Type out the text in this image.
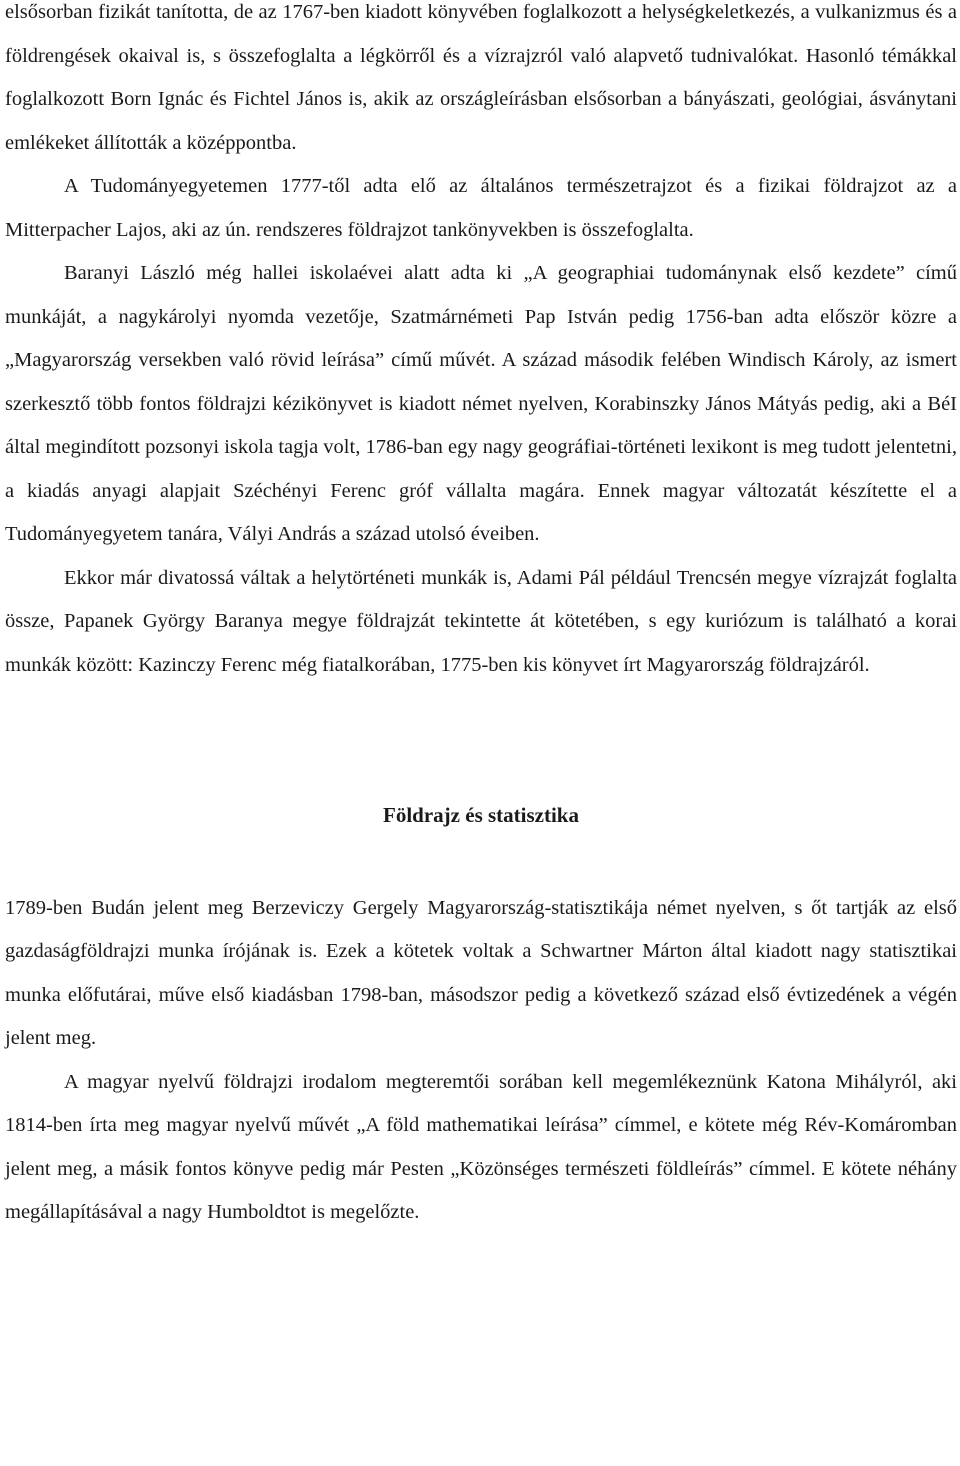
elsősorban fizikát tanította, de az 1767-ben kiadott könyvében foglalkozott a helységkeletkezés, a vulkanizmus és a földrengések okaival is, s összefoglalta a légkörről és a vízrajzról való alapvető tudnivalókat. Hasonló témákkal foglalkozott Born Ignác és Fichtel János is, akik az országleírásban elsősorban a bányászati, geológiai, ásványtani emlékeket állították a középpontba.

A Tudományegyetemen 1777-től adta elő az általános természetrajzot és a fizikai földrajzot az a Mitterpacher Lajos, aki az ún. rendszeres földrajzot tankönyvekben is összefoglalta.

Baranyi László még hallei iskolaévei alatt adta ki „A geographiai tudománynak első kezdete” című munkáját, a nagykárolyi nyomda vezetője, Szatmárnémeti Pap István pedig 1756-ban adta először közre a „Magyarország versekben való rövid leírása” című művét. A század második felében Windisch Károly, az ismert szerkesztő több fontos földrajzi kézikönyvet is kiadott német nyelven, Korabinszky János Mátyás pedig, aki a BéI által megindított pozsonyi iskola tagja volt, 1786-ban egy nagy geográfiai-történeti lexikont is meg tudott jelentetni, a kiadás anyagi alapjait Széchényi Ferenc gróf vállalta magára. Ennek magyar változatát készítette el a Tudományegyetem tanára, Vályi András a század utolsó éveiben.

Ekkor már divatossá váltak a helytörténeti munkák is, Adami Pál például Trencsén megye vízrajzát foglalta össze, Papanek György Baranya megye földrajzát tekintette át kötetében, s egy kuriózum is található a korai munkák között: Kazinczy Ferenc még fiatalkorában, 1775-ben kis könyvet írt Magyarország földrajzáról.

Földrajz és statisztika

1789-ben Budán jelent meg Berzeviczy Gergely Magyarország-statisztikája német nyelven, s őt tartják az első gazdaságföldrajzi munka írójának is. Ezek a kötetek voltak a Schwartner Márton által kiadott nagy statisztikai munka előfutárai, műve első kiadásban 1798-ban, másodszor pedig a következő század első évtizedének a végén jelent meg.

A magyar nyelvű földrajzi irodalom megteremtői sorában kell megemlékeznünk Katona Mihályról, aki 1814-ben írta meg magyar nyelvű művét „A föld mathematikai leírása” címmel, e kötete még Rév-Komáromban jelent meg, a másik fontos könyve pedig már Pesten „Közönséges természeti földleírás” címmel. E kötete néhány megállapításával a nagy Humboldtot is megelőzte.
